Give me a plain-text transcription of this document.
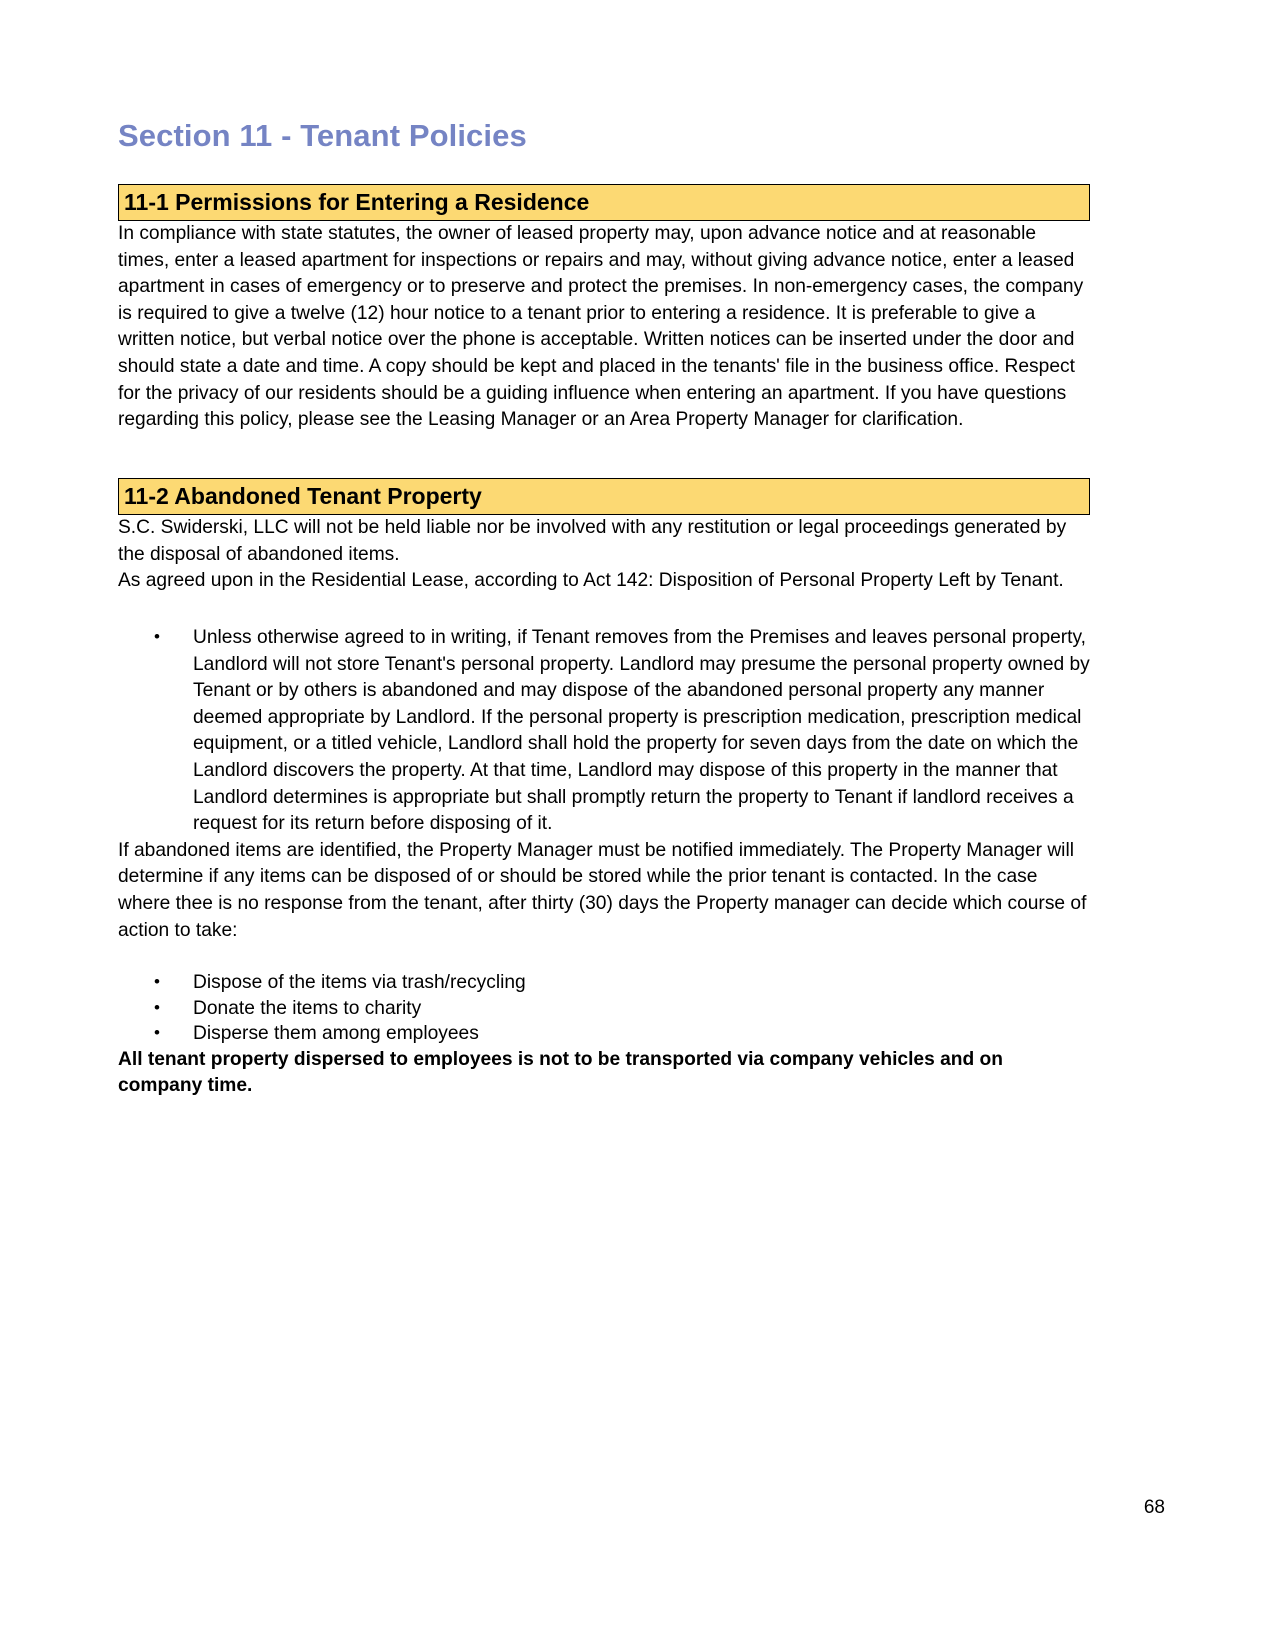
Section 11 - Tenant Policies
11-1 Permissions for Entering a Residence

In compliance with state statutes, the owner of leased property may, upon advance notice and at reasonable times, enter a leased apartment for inspections or repairs and may, without giving advance notice, enter a leased apartment in cases of emergency or to preserve and protect the premises. In non-emergency cases, the company is required to give a twelve (12) hour notice to a tenant prior to entering a residence. It is preferable to give a written notice, but verbal notice over the phone is acceptable. Written notices can be inserted under the door and should state a date and time. A copy should be kept and placed in the tenants' file in the business office. Respect for the privacy of our residents should be a guiding influence when entering an apartment. If you have questions regarding this policy, please see the Leasing Manager or an Area Property Manager for clarification.

11-2 Abandoned Tenant Property

S.C. Swiderski, LLC will not be held liable nor be involved with any restitution or legal proceedings generated by the disposal of abandoned items.

As agreed upon in the Residential Lease, according to Act 142: Disposition of Personal Property Left by Tenant.

• Unless otherwise agreed to in writing, if Tenant removes from the Premises and leaves personal property, Landlord will not store Tenant's personal property. Landlord may presume the personal property owned by Tenant or by others is abandoned and may dispose of the abandoned personal property any manner deemed appropriate by Landlord. If the personal property is prescription medication, prescription medical equipment, or a titled vehicle, Landlord shall hold the property for seven days from the date on which the Landlord discovers the property. At that time, Landlord may dispose of this property in the manner that Landlord determines is appropriate but shall promptly return the property to Tenant if landlord receives a request for its return before disposing of it.

If abandoned items are identified, the Property Manager must be notified immediately. The Property Manager will determine if any items can be disposed of or should be stored while the prior tenant is contacted. In the case where thee is no response from the tenant, after thirty (30) days the Property manager can decide which course of action to take:

• Dispose of the items via trash/recycling
• Donate the items to charity
• Disperse them among employees

All tenant property dispersed to employees is not to be transported via company vehicles and on company time.

68
